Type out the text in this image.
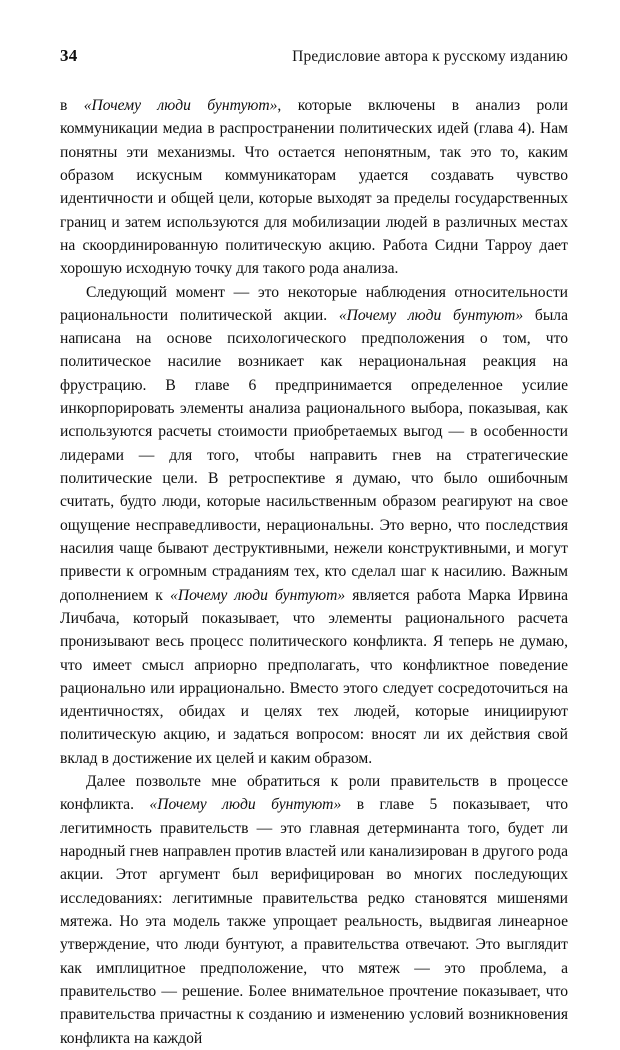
34	Предисловие автора к русскому изданию

в «Почему люди бунтуют», которые включены в анализ роли коммуникации медиа в распространении политических идей (глава 4). Нам понятны эти механизмы. Что остается непонятным, так это то, каким образом искусным коммуникаторам удается создавать чувство идентичности и общей цели, которые выходят за пределы государственных границ и затем используются для мобилизации людей в различных местах на скоординированную политическую акцию. Работа Сидни Тарроу дает хорошую исходную точку для такого рода анализа.

Следующий момент — это некоторые наблюдения относительности рациональности политической акции. «Почему люди бунтуют» была написана на основе психологического предположения о том, что политическое насилие возникает как нерациональная реакция на фрустрацию. В главе 6 предпринимается определенное усилие инкорпорировать элементы анализа рационального выбора, показывая, как используются расчеты стоимости приобретаемых выгод — в особенности лидерами — для того, чтобы направить гнев на стратегические политические цели. В ретроспективе я думаю, что было ошибочным считать, будто люди, которые насильственным образом реагируют на свое ощущение несправедливости, нерациональны. Это верно, что последствия насилия чаще бывают деструктивными, нежели конструктивными, и могут привести к огромным страданиям тех, кто сделал шаг к насилию. Важным дополнением к «Почему люди бунтуют» является работа Марка Ирвина Личбача, который показывает, что элементы рационального расчета пронизывают весь процесс политического конфликта. Я теперь не думаю, что имеет смысл априорно предполагать, что конфликтное поведение рационально или иррационально. Вместо этого следует сосредоточиться на идентичностях, обидах и целях тех людей, которые инициируют политическую акцию, и задаться вопросом: вносят ли их действия свой вклад в достижение их целей и каким образом.

Далее позвольте мне обратиться к роли правительств в процессе конфликта. «Почему люди бунтуют» в главе 5 показывает, что легитимность правительств — это главная детерминанта того, будет ли народный гнев направлен против властей или канализирован в другого рода акции. Этот аргумент был верифицирован во многих последующих исследованиях: легитимные правительства редко становятся мишенями мятежа. Но эта модель также упрощает реальность, выдвигая линеарное утверждение, что люди бунтуют, а правительства отвечают. Это выглядит как имплицитное предположение, что мятеж — это проблема, а правительство — решение. Более внимательное прочтение показывает, что правительства причастны к созданию и изменению условий возникновения конфликта на каждой
